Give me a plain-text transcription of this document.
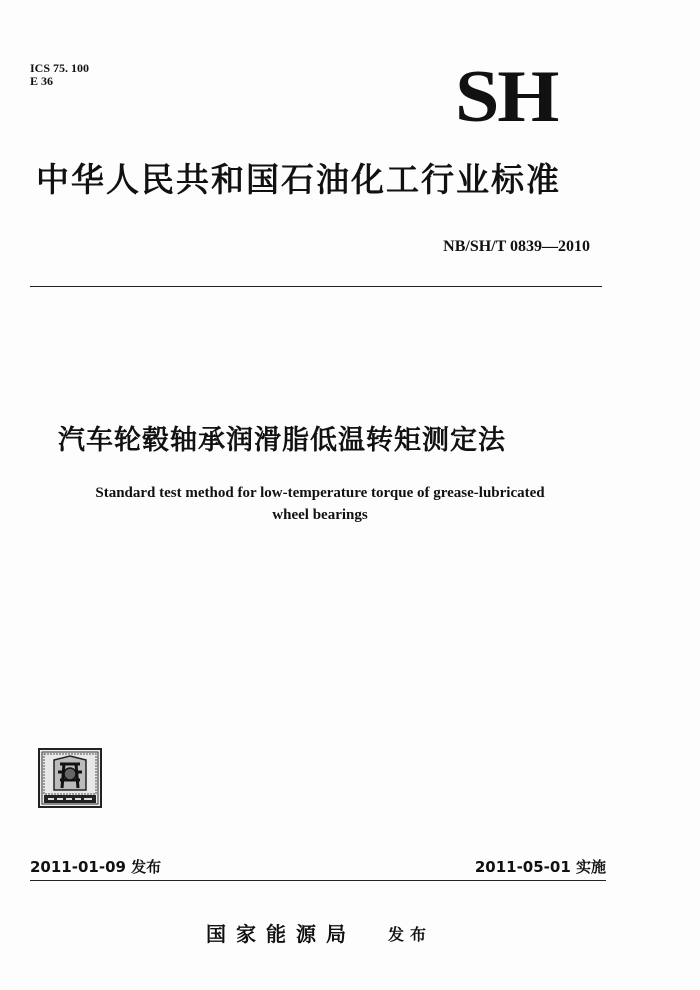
ICS 75. 100
E 36	SH
中华人民共和国石油化工行业标准
NB/SH/T 0839—2010
汽车轮毂轴承润滑脂低温转矩测定法
Standard test method for low-temperature torque of grease-lubricated
wheel bearings
2011-01-09 发布	2011-05-01 实施
国家能源局 发布
